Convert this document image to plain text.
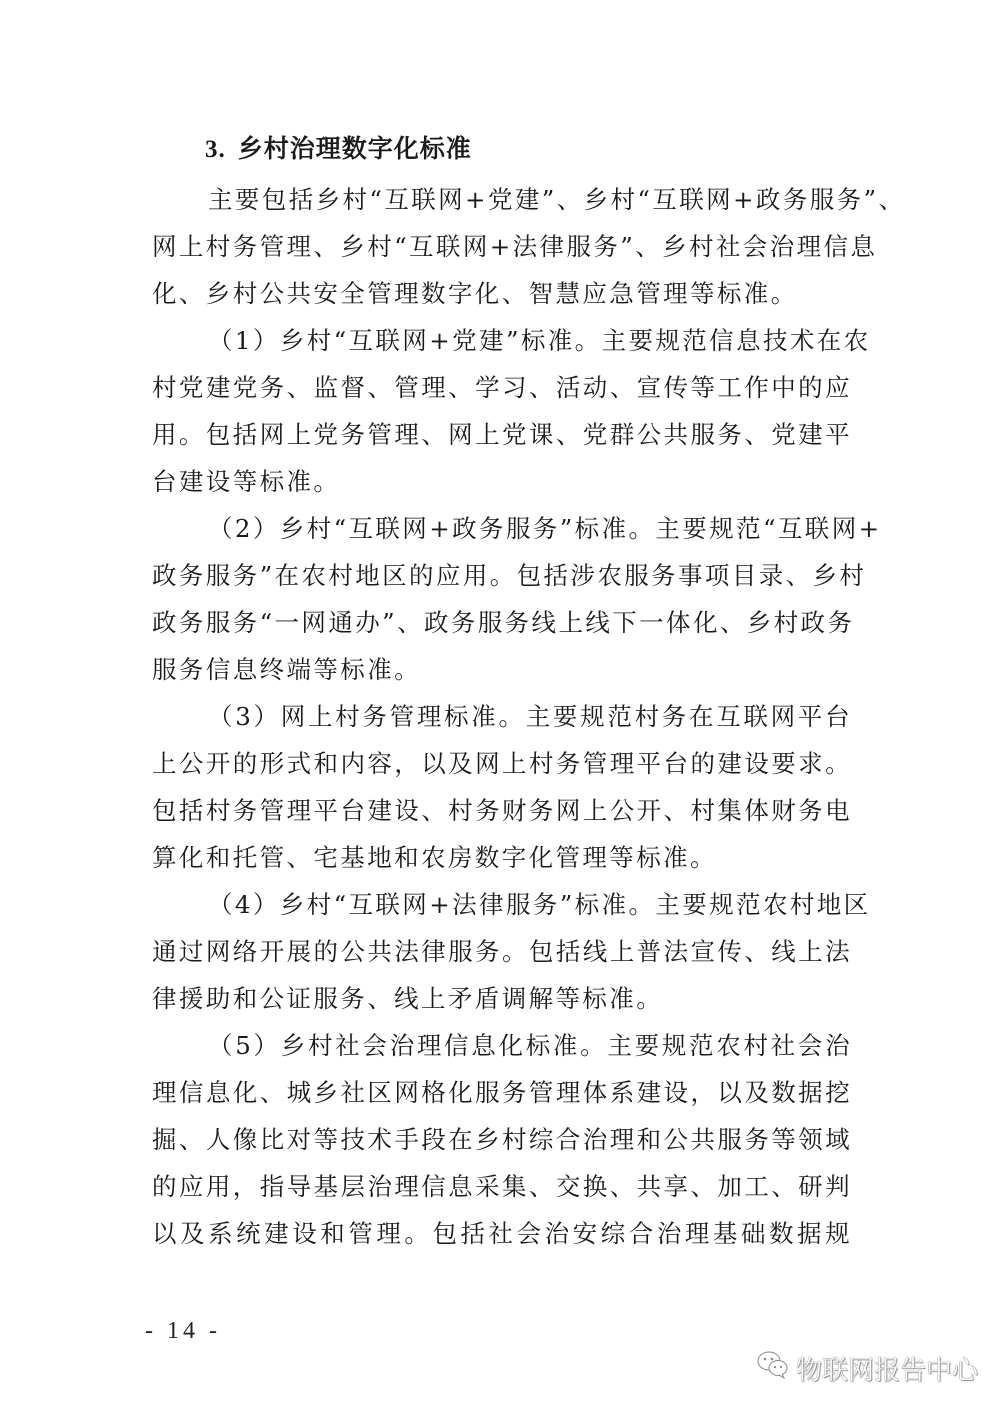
3. 乡村治理数字化标准
主要包括乡村“互联网+党建”、乡村“互联网+政务服务”、
网上村务管理、乡村“互联网+法律服务”、乡村社会治理信息
化、乡村公共安全管理数字化、智慧应急管理等标准。
（1）乡村“互联网+党建”标准。主要规范信息技术在农
村党建党务、监督、管理、学习、活动、宣传等工作中的应
用。包括网上党务管理、网上党课、党群公共服务、党建平
台建设等标准。
（2）乡村“互联网+政务服务”标准。主要规范“互联网+
政务服务”在农村地区的应用。包括涉农服务事项目录、乡村
政务服务“一网通办”、政务服务线上线下一体化、乡村政务
服务信息终端等标准。
（3）网上村务管理标准。主要规范村务在互联网平台
上公开的形式和内容，以及网上村务管理平台的建设要求。
包括村务管理平台建设、村务财务网上公开、村集体财务电
算化和托管、宅基地和农房数字化管理等标准。
（4）乡村“互联网+法律服务”标准。主要规范农村地区
通过网络开展的公共法律服务。包括线上普法宣传、线上法
律援助和公证服务、线上矛盾调解等标准。
（5）乡村社会治理信息化标准。主要规范农村社会治
理信息化、城乡社区网格化服务管理体系建设，以及数据挖
掘、人像比对等技术手段在乡村综合治理和公共服务等领域
的应用，指导基层治理信息采集、交换、共享、加工、研判
以及系统建设和管理。包括社会治安综合治理基础数据规
- 14 -
物联网报告中心
